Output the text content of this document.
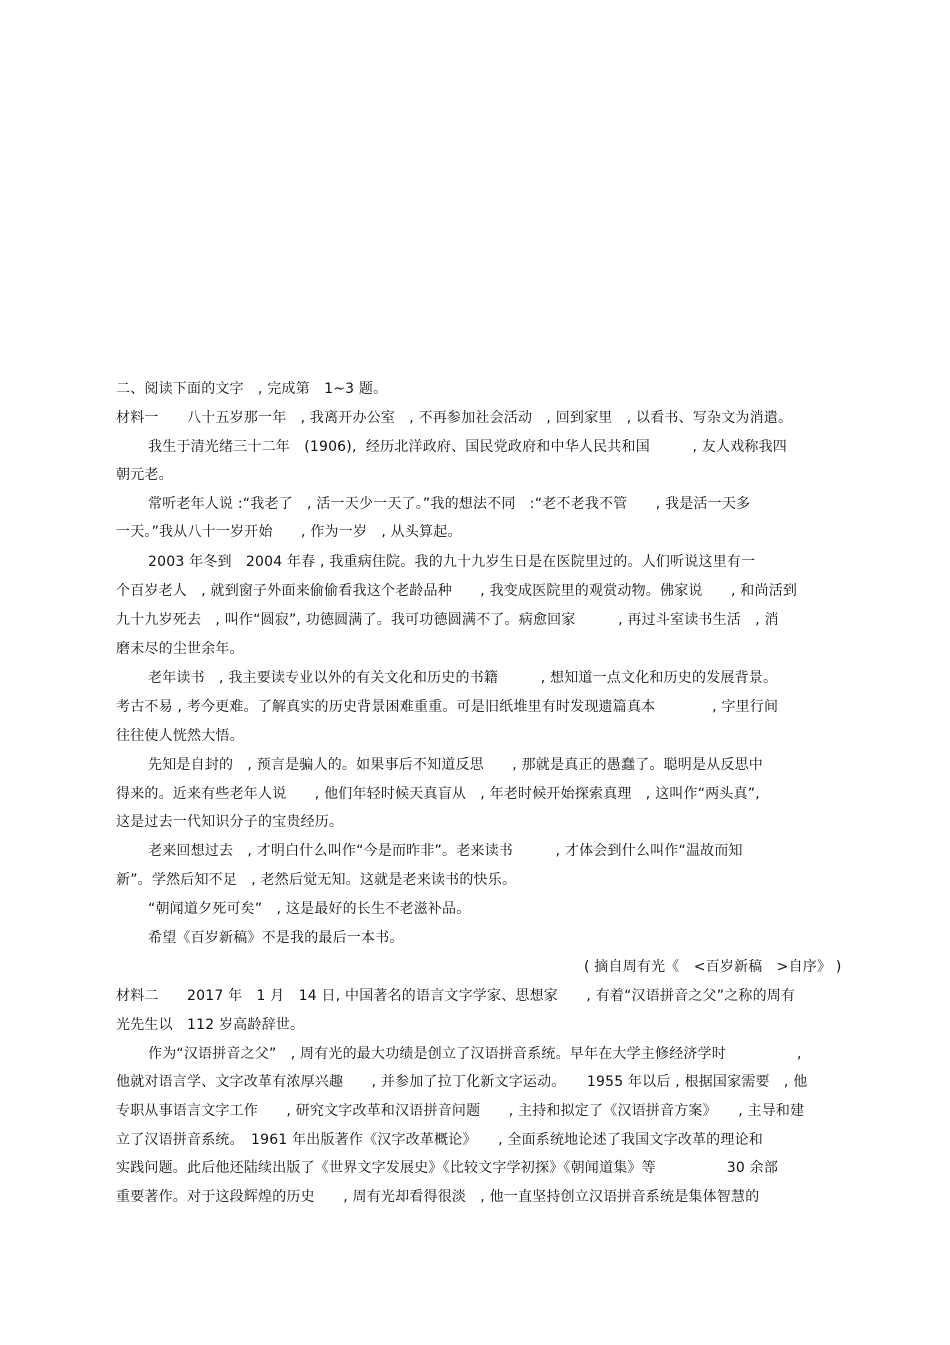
二、阅读下面的文字　, 完成第　1~3 题。
材料一　　八十五岁那一年　, 我离开办公室　, 不再参加社会活动　, 回到家里　, 以看书、写杂文为消遣。
我生于清光绪三十二年　(1906),  经历北洋政府、国民党政府和中华人民共和国　　　, 友人戏称我四
朝元老。
常听老年人说 :“我老了　, 活一天少一天了。”我的想法不同　:“老不老我不管　　, 我是活一天多
一天。”我从八十一岁开始　　, 作为一岁　, 从头算起。
2003 年冬到　2004 年春 , 我重病住院。我的九十九岁生日是在医院里过的。人们听说这里有一
个百岁老人　, 就到窗子外面来偷偷看我这个老龄品种　　, 我变成医院里的观赏动物。佛家说　　, 和尚活到
九十九岁死去　, 叫作“圆寂”, 功德圆满了。我可功德圆满不了。病愈回家　　　, 再过斗室读书生活　, 消
磨未尽的尘世余年。
老年读书　, 我主要读专业以外的有关文化和历史的书籍　　　, 想知道一点文化和历史的发展背景。
考古不易 , 考今更难。了解真实的历史背景困难重重。可是旧纸堆里有时发现遗篇真本　　　　, 字里行间
往往使人恍然大悟。
先知是自封的　, 预言是骗人的。如果事后不知道反思　　, 那就是真正的愚蠢了。聪明是从反思中
得来的。近来有些老年人说　　, 他们年轻时候天真盲从　, 年老时候开始探索真理　, 这叫作“两头真”,
这是过去一代知识分子的宝贵经历。
老来回想过去　, 才明白什么叫作“今是而昨非”。老来读书　　　, 才体会到什么叫作“温故而知
新”。学然后知不足　, 老然后觉无知。这就是老来读书的快乐。
“朝闻道夕死可矣”　, 这是最好的长生不老滋补品。
希望《百岁新稿》不是我的最后一本书。
( 摘自周有光《　<百岁新稿　>自序》 )
材料二　　2017 年　1 月　14 日, 中国著名的语言文字学家、思想家　　, 有着“汉语拼音之父”之称的周有
光先生以　112 岁高龄辞世。
作为“汉语拼音之父”　, 周有光的最大功绩是创立了汉语拼音系统。早年在大学主修经济学时　　　　　,
他就对语言学、文字改革有浓厚兴趣　　, 并参加了拉丁化新文字运动。　　1955 年以后 , 根据国家需要　, 他
专职从事语言文字工作　　, 研究文字改革和汉语拼音问题　　, 主持和拟定了《汉语拼音方案》　　, 主导和建
立了汉语拼音系统。　1961 年出版著作《汉字改革概论》　　, 全面系统地论述了我国文字改革的理论和
实践问题。此后他还陆续出版了《世界文字发展史》《比较文字学初探》《朝闻道集》等　　　　　30 余部
重要著作。对于这段辉煌的历史　　, 周有光却看得很淡　, 他一直坚持创立汉语拼音系统是集体智慧的
